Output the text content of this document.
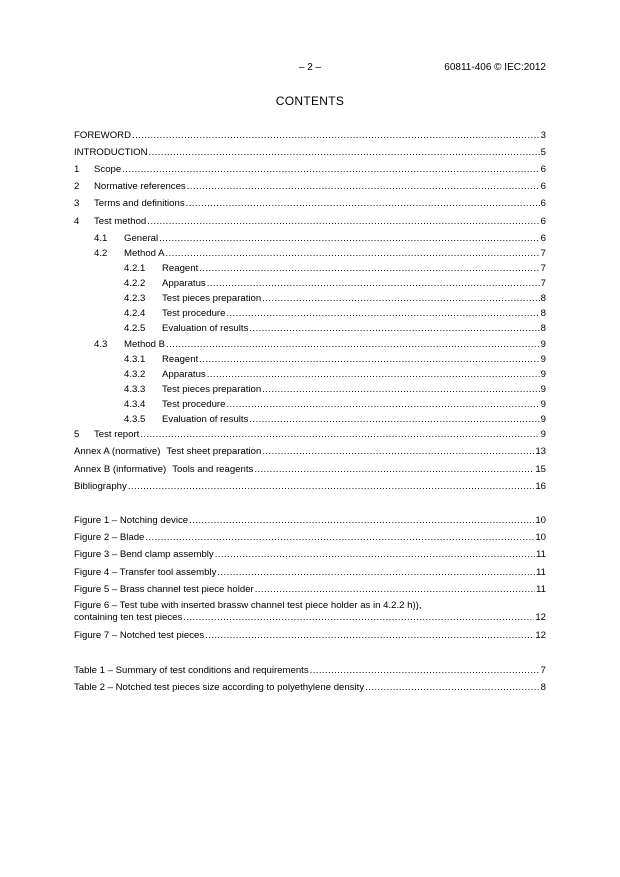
– 2 –	60811-406 © IEC:2012
CONTENTS
FOREWORD .....	3
INTRODUCTION .....	5
1	Scope .....	6
2	Normative references .....	6
3	Terms and definitions .....	6
4	Test method .....	6
4.1	General .....	6
4.2	Method A .....	7
4.2.1	Reagent .....	7
4.2.2	Apparatus .....	7
4.2.3	Test pieces preparation .....	8
4.2.4	Test procedure .....	8
4.2.5	Evaluation of results .....	8
4.3	Method B .....	9
4.3.1	Reagent .....	9
4.3.2	Apparatus .....	9
4.3.3	Test pieces preparation .....	9
4.3.4	Test procedure .....	9
4.3.5	Evaluation of results .....	9
5	Test report .....	9
Annex A (normative) Test sheet preparation .....	13
Annex B (informative) Tools and reagents .....	15
Bibliography .....	16
Figure 1 – Notching device .....	10
Figure 2 – Blade .....	10
Figure 3 – Bend clamp assembly .....	11
Figure 4 – Transfer tool assembly .....	11
Figure 5 – Brass channel test piece holder .....	11
Figure 6 – Test tube with inserted brassw channel test piece holder as in 4.2.2 h)),
containing ten test pieces .....	12
Figure 7 – Notched test pieces .....	12
Table 1 – Summary of test conditions and requirements .....	7
Table 2 – Notched test pieces size according to polyethylene density .....	8
